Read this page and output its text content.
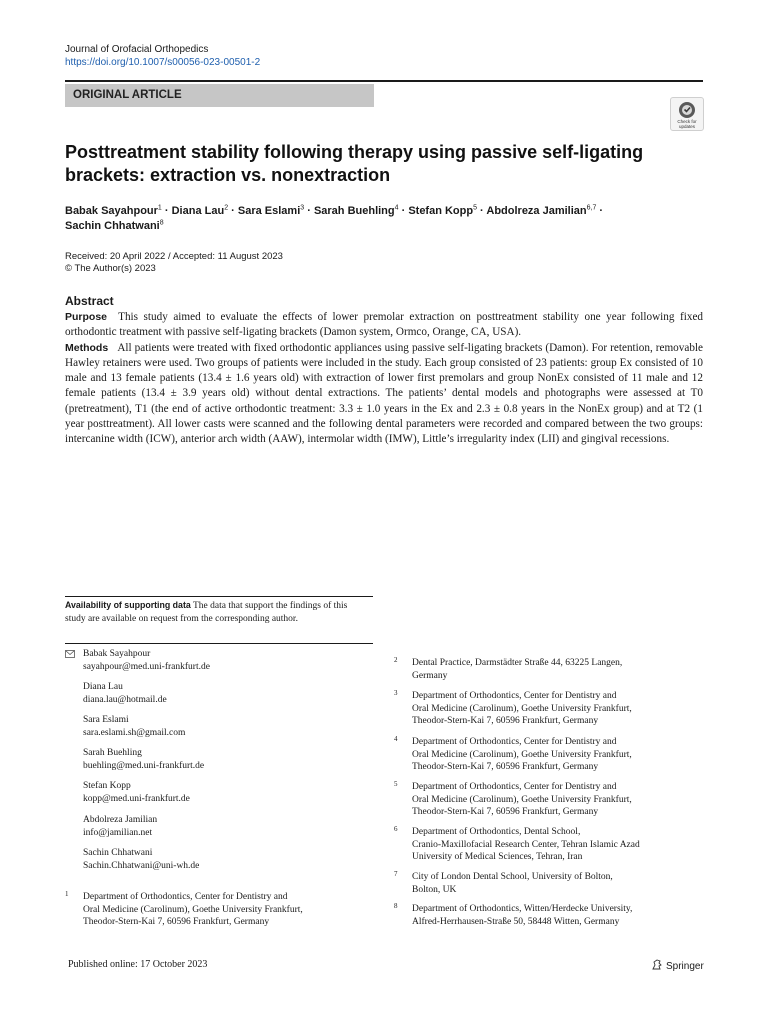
Journal of Orofacial Orthopedics
https://doi.org/10.1007/s00056-023-00501-2
ORIGINAL ARTICLE
Check for updates
Posttreatment stability following therapy using passive self-ligating brackets: extraction vs. nonextraction
Babak Sayahpour$^1$ · Diana Lau$^2$ · Sara Eslami$^3$ · Sarah Buehling$^4$ · Stefan Kopp$^5$ · Abdolreza Jamilian$^{6,7}$ ·
Sachin Chhatwani$^8$
Received: 20 April 2022 / Accepted: 11 August 2023
© The Author(s) 2023
Abstract
Purpose This study aimed to evaluate the effects of lower premolar extraction on posttreatment stability one year following fixed orthodontic treatment with passive self-ligating brackets (Damon system, Ormco, Orange, CA, USA).
Methods All patients were treated with fixed orthodontic appliances using passive self-ligating brackets (Damon). For retention, removable Hawley retainers were used. Two groups of patients were included in the study. Each group consisted of 23 patients: group Ex consisted of 10 male and 13 female patients (13.4 ± 1.6 years old) with extraction of lower first premolars and group NonEx consisted of 11 male and 12 female patients (13.4 ± 3.9 years old) without dental extractions. The patients’ dental models and photographs were assessed at T0 (pretreatment), T1 (the end of active orthodontic treatment: 3.3 ± 1.0 years in the Ex and 2.3 ± 0.8 years in the NonEx group) and at T2 (1 year posttreatment). All lower casts were scanned and the following dental parameters were recorded and compared between the two groups: intercanine width (ICW), anterior arch width (AAW), intermolar width (IMW), Little’s irregularity index (LII) and gingival recessions.
Availability of supporting data The data that support the findings of this study are available on request from the corresponding author.
Babak Sayahpour
sayahpour@med.uni-frankfurt.de
Diana Lau
diana.lau@hotmail.de
Sara Eslami
sara.eslami.sh@gmail.com
Sarah Buehling
buehling@med.uni-frankfurt.de
Stefan Kopp
kopp@med.uni-frankfurt.de
Abdolreza Jamilian
info@jamilian.net
Sachin Chhatwani
Sachin.Chhatwani@uni-wh.de
1 Department of Orthodontics, Center for Dentistry and
Oral Medicine (Carolinum), Goethe University Frankfurt,
Theodor-Stern-Kai 7, 60596 Frankfurt, Germany
2 Dental Practice, Darmstädter Straße 44, 63225 Langen,
Germany
3 Department of Orthodontics, Center for Dentistry and
Oral Medicine (Carolinum), Goethe University Frankfurt,
Theodor-Stern-Kai 7, 60596 Frankfurt, Germany
4 Department of Orthodontics, Center for Dentistry and
Oral Medicine (Carolinum), Goethe University Frankfurt,
Theodor-Stern-Kai 7, 60596 Frankfurt, Germany
5 Department of Orthodontics, Center for Dentistry and
Oral Medicine (Carolinum), Goethe University Frankfurt,
Theodor-Stern-Kai 7, 60596 Frankfurt, Germany
6 Department of Orthodontics, Dental School,
Cranio-Maxillofacial Research Center, Tehran Islamic Azad
University of Medical Sciences, Tehran, Iran
7 City of London Dental School, University of Bolton,
Bolton, UK
8 Department of Orthodontics, Witten/Herdecke University,
Alfred-Herrhausen-Straße 50, 58448 Witten, Germany
Published online: 17 October 2023	Springer
